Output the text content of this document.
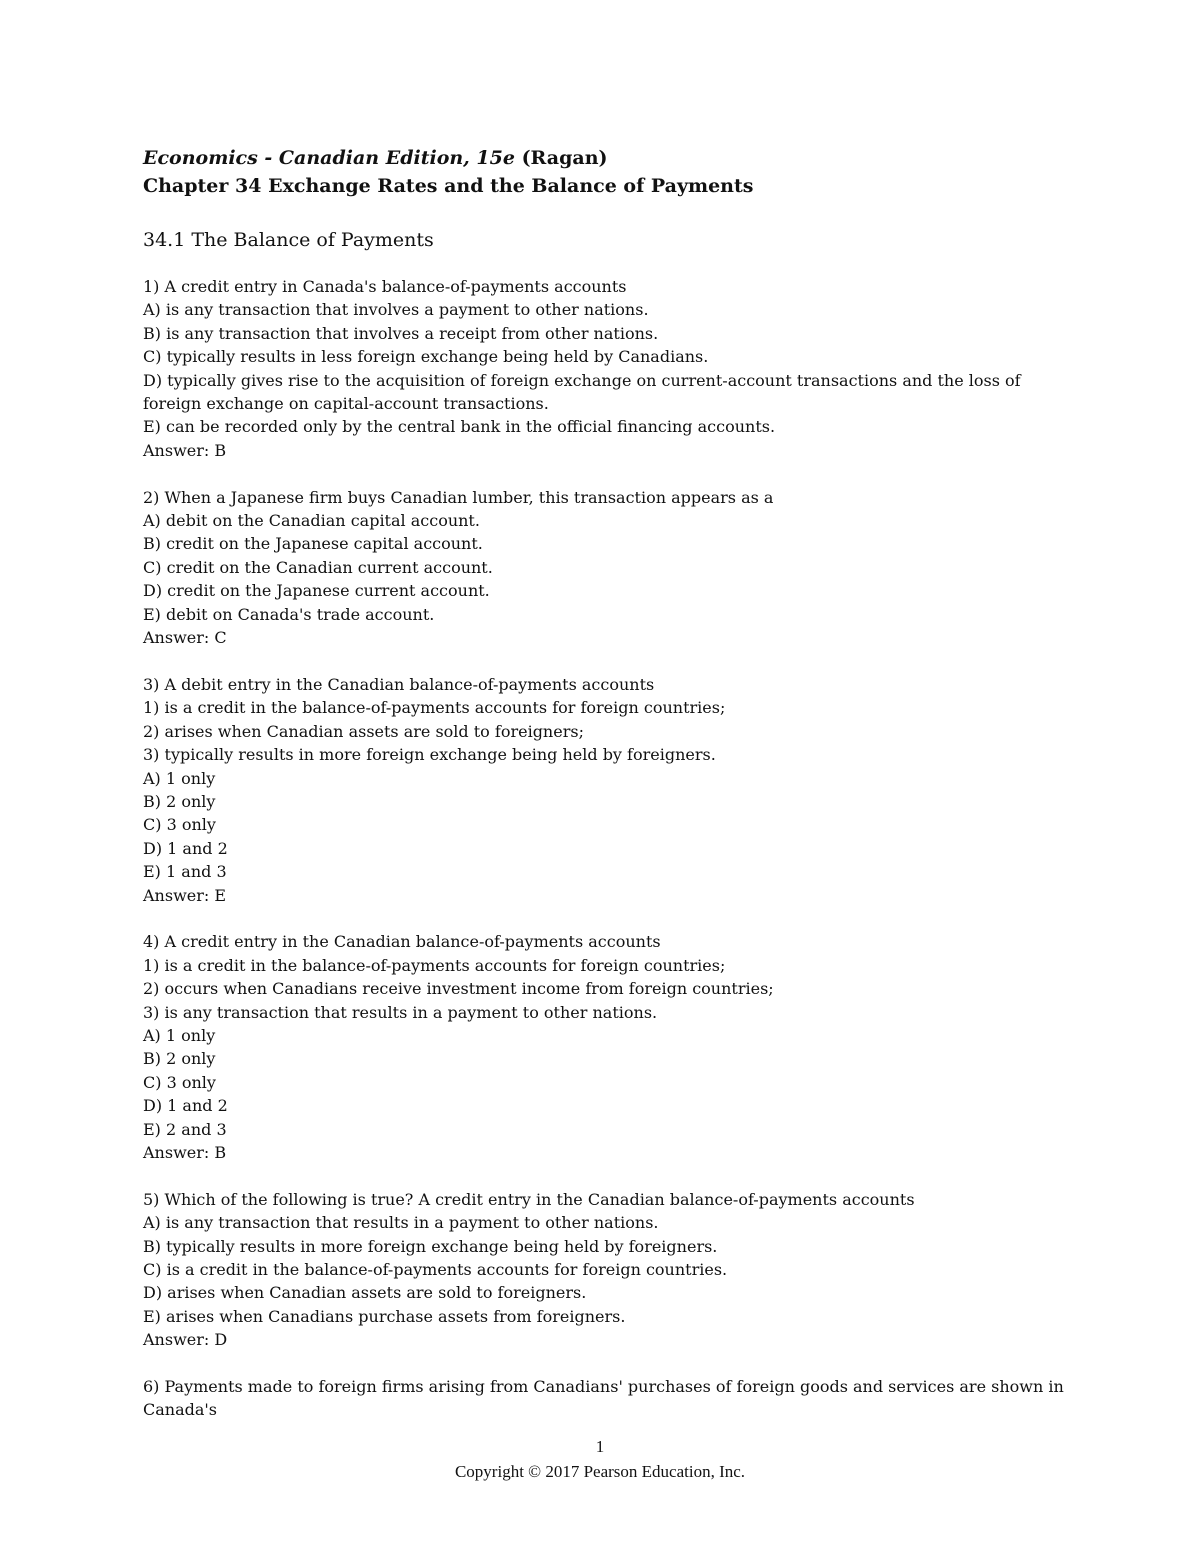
Economics - Canadian Edition, 15e (Ragan)
Chapter 34 Exchange Rates and the Balance of Payments
34.1 The Balance of Payments
1) A credit entry in Canada's balance-of-payments accounts
A) is any transaction that involves a payment to other nations.
B) is any transaction that involves a receipt from other nations.
C) typically results in less foreign exchange being held by Canadians.
D) typically gives rise to the acquisition of foreign exchange on current-account transactions and the loss of foreign exchange on capital-account transactions.
E) can be recorded only by the central bank in the official financing accounts.
Answer: B
2) When a Japanese firm buys Canadian lumber, this transaction appears as a
A) debit on the Canadian capital account.
B) credit on the Japanese capital account.
C) credit on the Canadian current account.
D) credit on the Japanese current account.
E) debit on Canada's trade account.
Answer: C
3) A debit entry in the Canadian balance-of-payments accounts
1) is a credit in the balance-of-payments accounts for foreign countries;
2) arises when Canadian assets are sold to foreigners;
3) typically results in more foreign exchange being held by foreigners.
A) 1 only
B) 2 only
C) 3 only
D) 1 and 2
E) 1 and 3
Answer: E
4) A credit entry in the Canadian balance-of-payments accounts
1) is a credit in the balance-of-payments accounts for foreign countries;
2) occurs when Canadians receive investment income from foreign countries;
3) is any transaction that results in a payment to other nations.
A) 1 only
B) 2 only
C) 3 only
D) 1 and 2
E) 2 and 3
Answer: B
5) Which of the following is true? A credit entry in the Canadian balance-of-payments accounts
A) is any transaction that results in a payment to other nations.
B) typically results in more foreign exchange being held by foreigners.
C) is a credit in the balance-of-payments accounts for foreign countries.
D) arises when Canadian assets are sold to foreigners.
E) arises when Canadians purchase assets from foreigners.
Answer: D
6) Payments made to foreign firms arising from Canadians' purchases of foreign goods and services are shown in Canada's
1
Copyright © 2017 Pearson Education, Inc.
